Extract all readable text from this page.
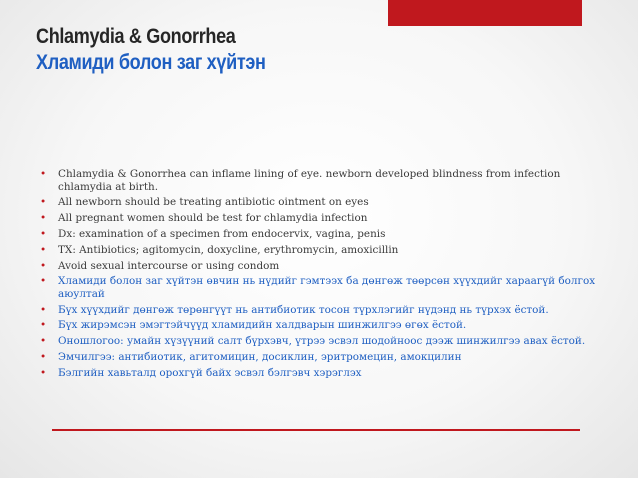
Chlamydia & Gonorrhea
Хламиди болон заг хүйтэн
• Chlamydia & Gonorrhea can inflame lining of eye. newborn developed blindness from infection chlamydia at birth.
• All newborn should be treating antibiotic ointment on eyes
• All pregnant women should be test for chlamydia infection
• Dx: examination of a specimen from endocervix, vagina, penis
• TX: Antibiotics; agitomycin, doxycline, erythromycin, amoxicillin
• Avoid sexual intercourse or using condom
• Хламиди болон заг хүйтэн өвчин нь нүдийг гэмтээх ба дөнгөж төөрсөн хүүхдийг хараагүй болгох аюултай
• Бүх хүүхдийг дөнгөж төрөнгүүт нь антибиотик тосон түрхлэгийг нүдэнд нь түрхэх ёстой.
• Бүх жирэмсэн эмэгтэйчүүд хламидийн халдварын шинжилгээ өгөх ёстой.
• Оношлогоо: умайн хүзүүний салт бүрхэвч, үтрээ эсвэл шодойноос дээж шинжилгээ авах ёстой.
• Эмчилгээ: антибиотик, агитомицин, досиклин, эритромецин, амокцилин
• Бэлгийн хавьталд орохгүй байх эсвэл бэлгэвч хэрэглэх
